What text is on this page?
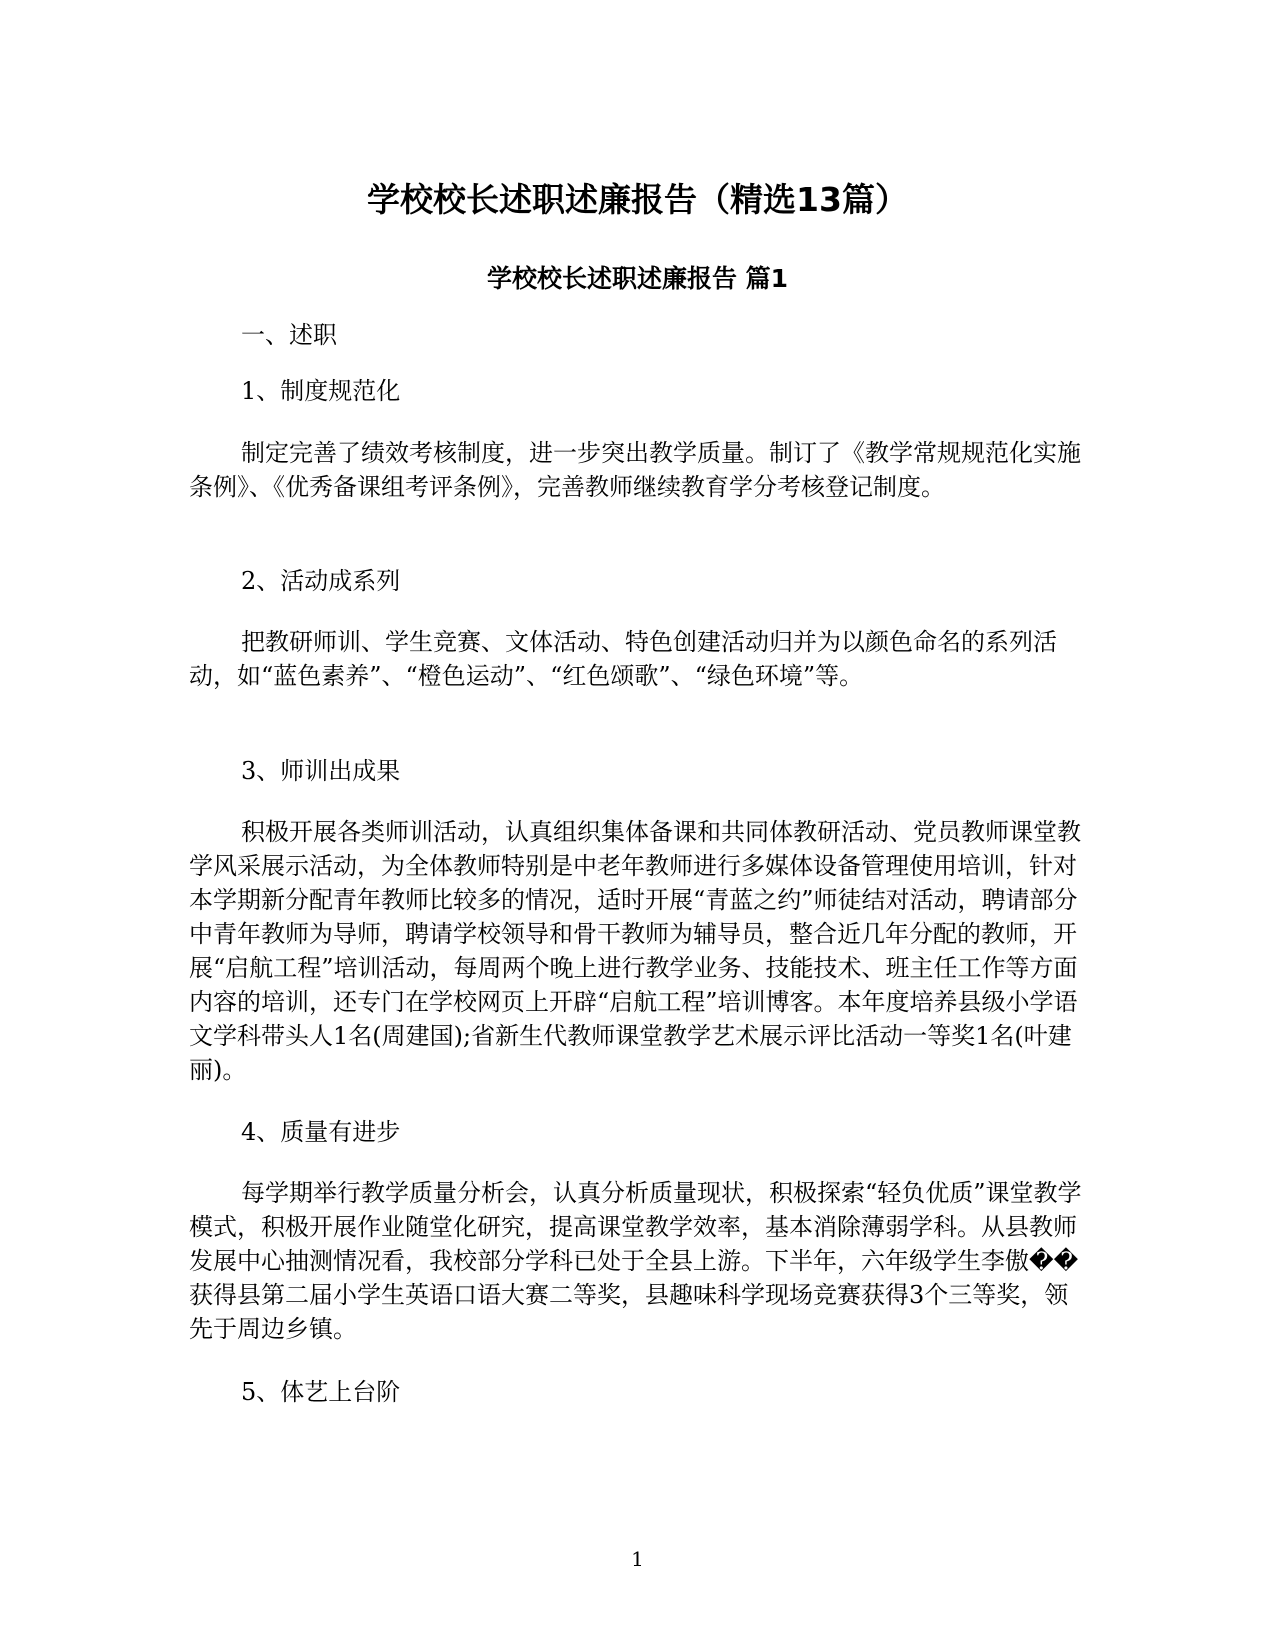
学校校长述职述廉报告（精选13篇）
学校校长述职述廉报告 篇1

一、述职

1、制度规范化

制定完善了绩效考核制度，进一步突出教学质量。制订了《教学常规规范化实施条例》、《优秀备课组考评条例》，完善教师继续教育学分考核登记制度。

2、活动成系列

把教研师训、学生竞赛、文体活动、特色创建活动归并为以颜色命名的系列活动，如“蓝色素养”、“橙色运动”、“红色颂歌”、“绿色环境”等。

3、师训出成果

积极开展各类师训活动，认真组织集体备课和共同体教研活动、党员教师课堂教学风采展示活动，为全体教师特别是中老年教师进行多媒体设备管理使用培训，针对本学期新分配青年教师比较多的情况，适时开展“青蓝之约”师徒结对活动，聘请部分中青年教师为导师，聘请学校领导和骨干教师为辅导员，整合近几年分配的教师，开展“启航工程”培训活动，每周两个晚上进行教学业务、技能技术、班主任工作等方面内容的培训，还专门在学校网页上开辟“启航工程”培训博客。本年度培养县级小学语文学科带头人1名(周建国);省新生代教师课堂教学艺术展示评比活动一等奖1名(叶建丽)。

4、质量有进步

每学期举行教学质量分析会，认真分析质量现状，积极探索“轻负优质”课堂教学模式，积极开展作业随堂化研究，提高课堂教学效率，基本消除薄弱学科。从县教师发展中心抽测情况看，我校部分学科已处于全县上游。下半年，六年级学生李傲��获得县第二届小学生英语口语大赛二等奖，县趣味科学现场竞赛获得3个三等奖，领先于周边乡镇。

5、体艺上台阶

1
